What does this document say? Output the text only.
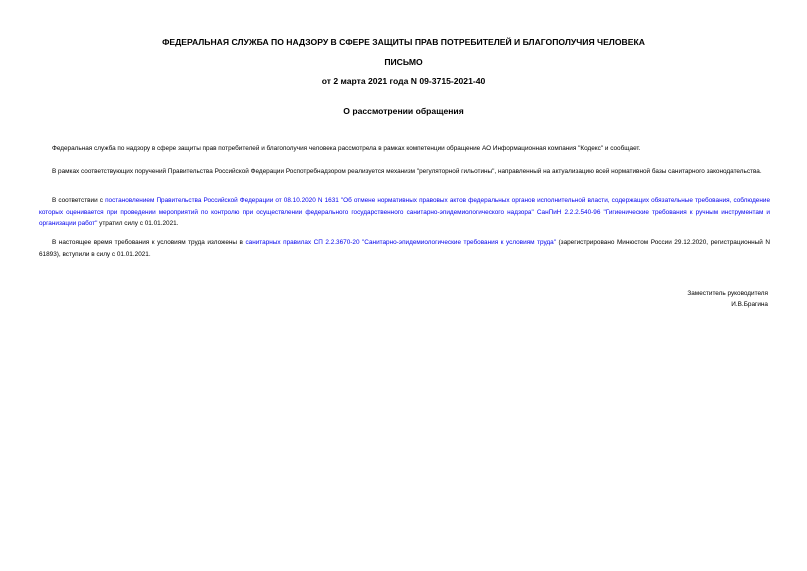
ФЕДЕРАЛЬНАЯ СЛУЖБА ПО НАДЗОРУ В СФЕРЕ ЗАЩИТЫ ПРАВ ПОТРЕБИТЕЛЕЙ И БЛАГОПОЛУЧИЯ ЧЕЛОВЕКА
ПИСЬМО
от 2 марта 2021 года N 09-3715-2021-40
О рассмотрении обращения
Федеральная служба по надзору в сфере защиты прав потребителей и благополучия человека рассмотрела в рамках компетенции обращение АО Информационная компания "Кодекс" и сообщает.
В рамках соответствующих поручений Правительства Российской Федерации Роспотребнадзором реализуется механизм "регуляторной гильотины", направленный на актуализацию всей нормативной базы санитарного законодательства.
В соответствии с постановлением Правительства Российской Федерации от 08.10.2020 N 1631 "Об отмене нормативных правовых актов федеральных органов исполнительной власти, содержащих обязательные требования, соблюдение которых оценивается при проведении мероприятий по контролю при осуществлении федерального государственного санитарно-эпидемиологического надзора" СанПиН 2.2.2.540-96 "Гигиенические требования к ручным инструментам и организации работ" утратил силу с 01.01.2021.
В настоящее время требования к условиям труда изложены в санитарных правилах СП 2.2.3670-20 "Санитарно-эпидемиологические требования к условиям труда" (зарегистрировано Минюстом России 29.12.2020, регистрационный N 61893), вступили в силу с 01.01.2021.
Заместитель руководителя
И.В.Брагина
